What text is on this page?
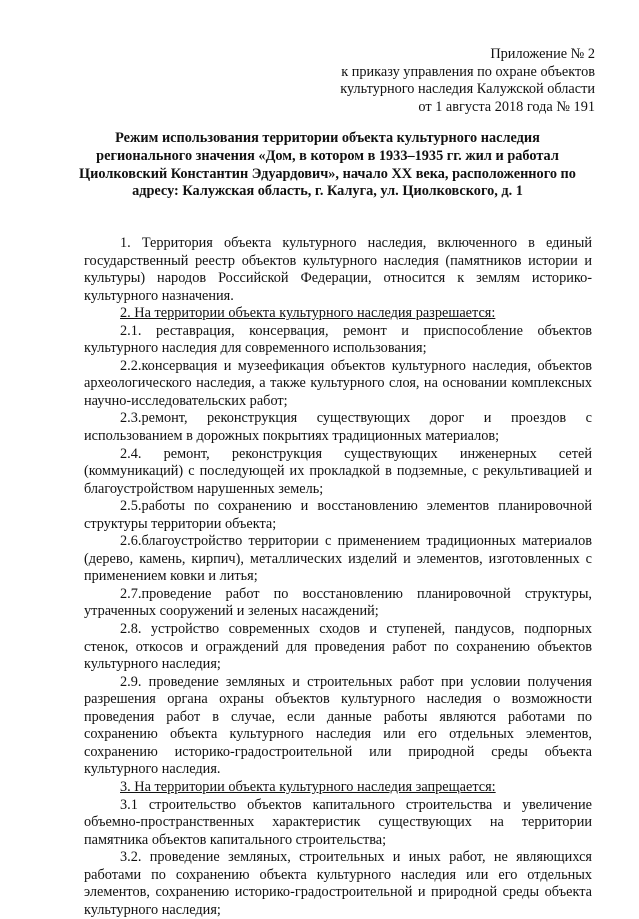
Приложение № 2
к приказу управления по охране объектов
культурного наследия Калужской области
от 1 августа 2018 года № 191
Режим использования территории объекта культурного наследия
регионального значения «Дом, в котором в 1933–1935 гг. жил и работал
Циолковский Константин Эдуардович», начало XX века, расположенного по
адресу: Калужская область, г. Калуга, ул. Циолковского, д. 1

1. Территория объекта культурного наследия, включенного в единый государственный реестр объектов культурного наследия (памятников истории и культуры) народов Российской Федерации, относится к землям историко-культурного назначения.

2. На территории объекта культурного наследия разрешается:

2.1. реставрация, консервация, ремонт и приспособление объектов культурного наследия для современного использования;

2.2.консервация и музеефикация объектов культурного наследия, объектов археологического наследия, а также культурного слоя, на основании комплексных научно-исследовательских работ;

2.3.ремонт, реконструкция существующих дорог и проездов с использованием в дорожных покрытиях традиционных материалов;

2.4. ремонт, реконструкция существующих инженерных сетей (коммуникаций) с последующей их прокладкой в подземные, с рекультивацией и благоустройством нарушенных земель;

2.5.работы по сохранению и восстановлению элементов планировочной структуры территории объекта;

2.6.благоустройство территории с применением традиционных материалов (дерево, камень, кирпич), металлических изделий и элементов, изготовленных с применением ковки и литья;

2.7.проведение работ по восстановлению планировочной структуры, утраченных сооружений и зеленых насаждений;

2.8. устройство современных сходов и ступеней, пандусов, подпорных стенок, откосов и ограждений для проведения работ по сохранению объектов культурного наследия;

2.9. проведение земляных и строительных работ при условии получения разрешения органа охраны объектов культурного наследия о возможности проведения работ в случае, если данные работы являются работами по сохранению объекта культурного наследия или его отдельных элементов, сохранению историко-градостроительной или природной среды объекта культурного наследия.

3. На территории объекта культурного наследия запрещается:

3.1 строительство объектов капитального строительства и увеличение объемно-пространственных характеристик существующих на территории памятника объектов капитального строительства;

3.2. проведение земляных, строительных и иных работ, не являющихся работами по сохранению объекта культурного наследия или его отдельных элементов, сохранению историко-градостроительной и природной среды объекта культурного наследия;
